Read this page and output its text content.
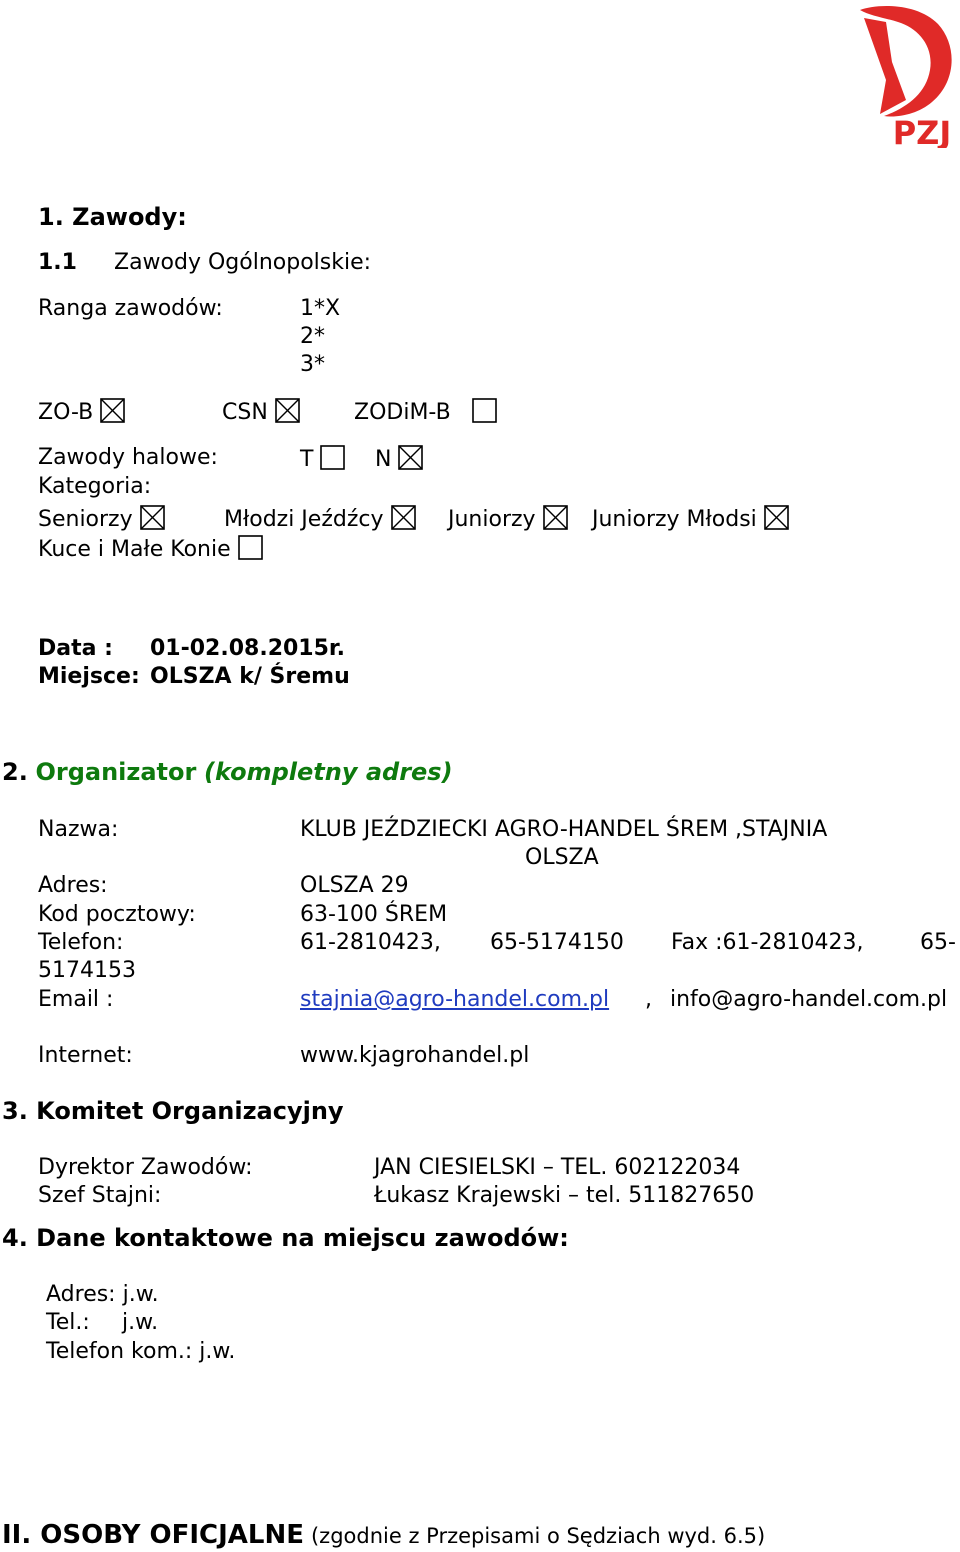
PZJ
1. Zawody:
1.1 Zawody Ogólnopolskie:
Ranga zawodów:	1*X
2*
3*
ZO-B	CSN	ZODiM-B
Zawody halowe:	T	N
Kategoria:
Seniorzy	Młodzi Jeźdźcy	Juniorzy	Juniorzy Młodsi
Kuce i Małe Konie
Data : 01-02.08.2015r.
Miejsce: OLSZA k/ Śremu
2. Organizator (kompletny adres)
Nazwa:	KLUB JEŹDZIECKI AGRO-HANDEL ŚREM ,STAJNIA
OLSZA
Adres:	OLSZA 29
Kod pocztowy:	63-100 ŚREM
Telefon:	61-2810423, 65-5174150 Fax :61-2810423,	65-
5174153
Email :	stajnia@agro-handel.com.pl , info@agro-handel.com.pl
Internet:	www.kjagrohandel.pl
3. Komitet Organizacyjny
Dyrektor Zawodów:	JAN CIESIELSKI – TEL. 602122034
Szef Stajni:	Łukasz Krajewski – tel. 511827650
4. Dane kontaktowe na miejscu zawodów:
Adres: j.w.
Tel.: j.w.
Telefon kom.: j.w.
II. OSOBY OFICJALNE (zgodnie z Przepisami o Sędziach wyd. 6.5)
